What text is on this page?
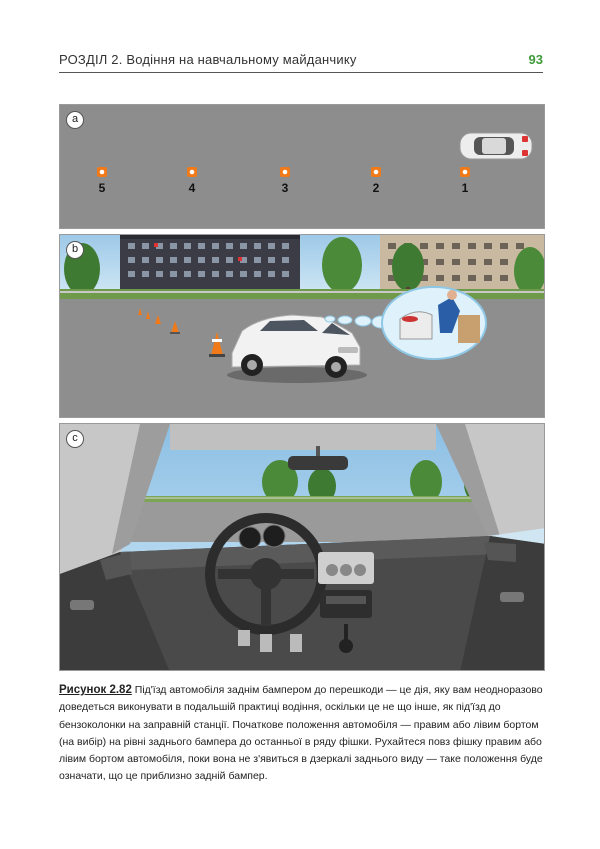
РОЗДІЛ 2. Водіння на навчальному майданчику	93
a
5	4	3	2	1
b
c
Рисунок 2.82 Під'їзд автомобіля заднім бампером до перешкоди — це дія, яку вам неодноразово доведеться виконувати в подальшій практиці водіння, оскільки це не що інше, як під'їзд до бензоколонки на заправній станції. Початкове положення автомобіля — правим або лівим бортом (на вибір) на рівні заднього бампера до останньої в ряду фішки. Рухайтеся повз фішку правим або лівим бортом автомобіля, поки вона не з'явиться в дзеркалі заднього виду — таке положення буде означати, що це приблизно задній бампер.
